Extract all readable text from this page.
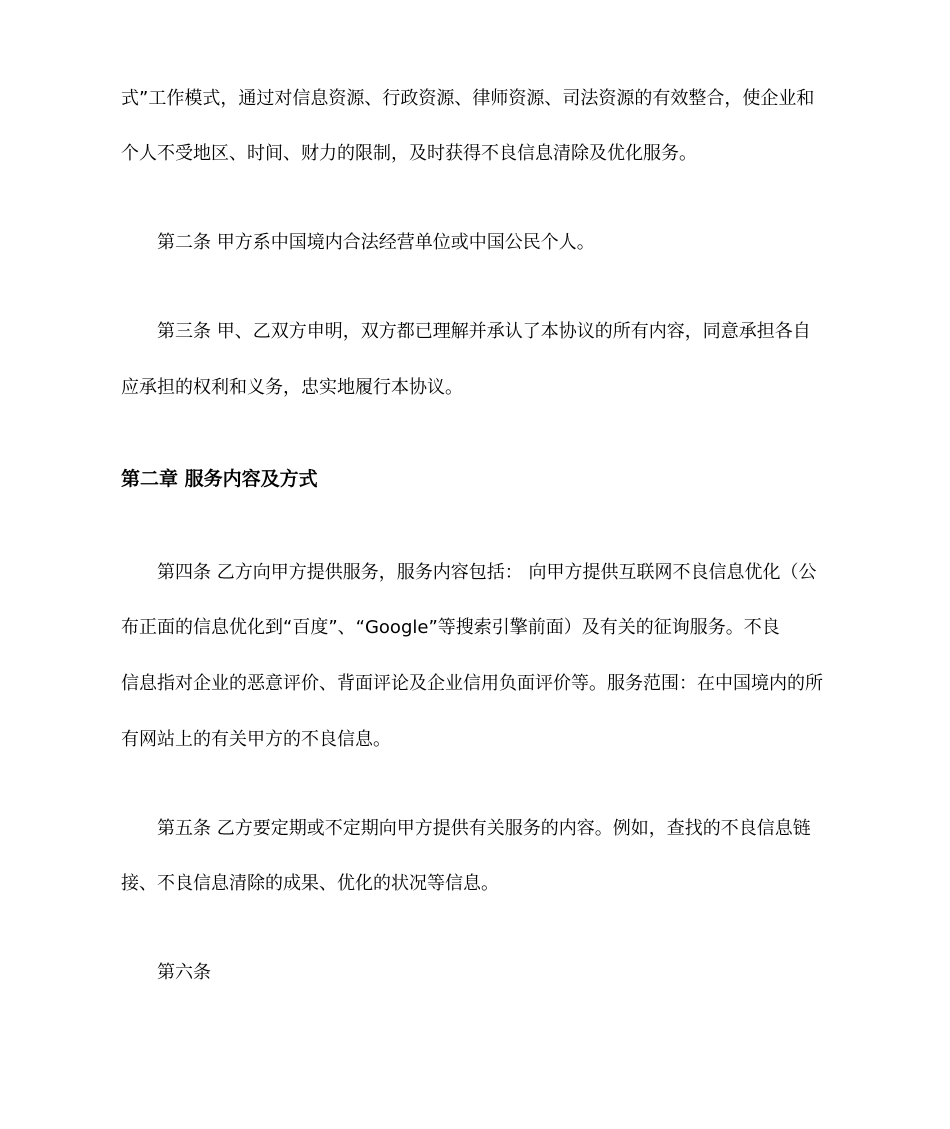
式”工作模式，通过对信息资源、行政资源、律师资源、司法资源的有效整合，使企业和
个人不受地区、时间、财力的限制，及时获得不良信息清除及优化服务。
第二条 甲方系中国境内合法经营单位或中国公民个人。
第三条 甲、乙双方申明，双方都已理解并承认了本协议的所有内容，同意承担各自
应承担的权利和义务，忠实地履行本协议。
第二章 服务内容及方式
第四条 乙方向甲方提供服务，服务内容包括： 向甲方提供互联网不良信息优化（公
布正面的信息优化到“百度”、“Google”等搜索引擎前面）及有关的征询服务。不良
信息指对企业的恶意评价、背面评论及企业信用负面评价等。服务范围：在中国境内的所
有网站上的有关甲方的不良信息。
第五条 乙方要定期或不定期向甲方提供有关服务的内容。例如，查找的不良信息链
接、不良信息清除的成果、优化的状况等信息。
第六条
